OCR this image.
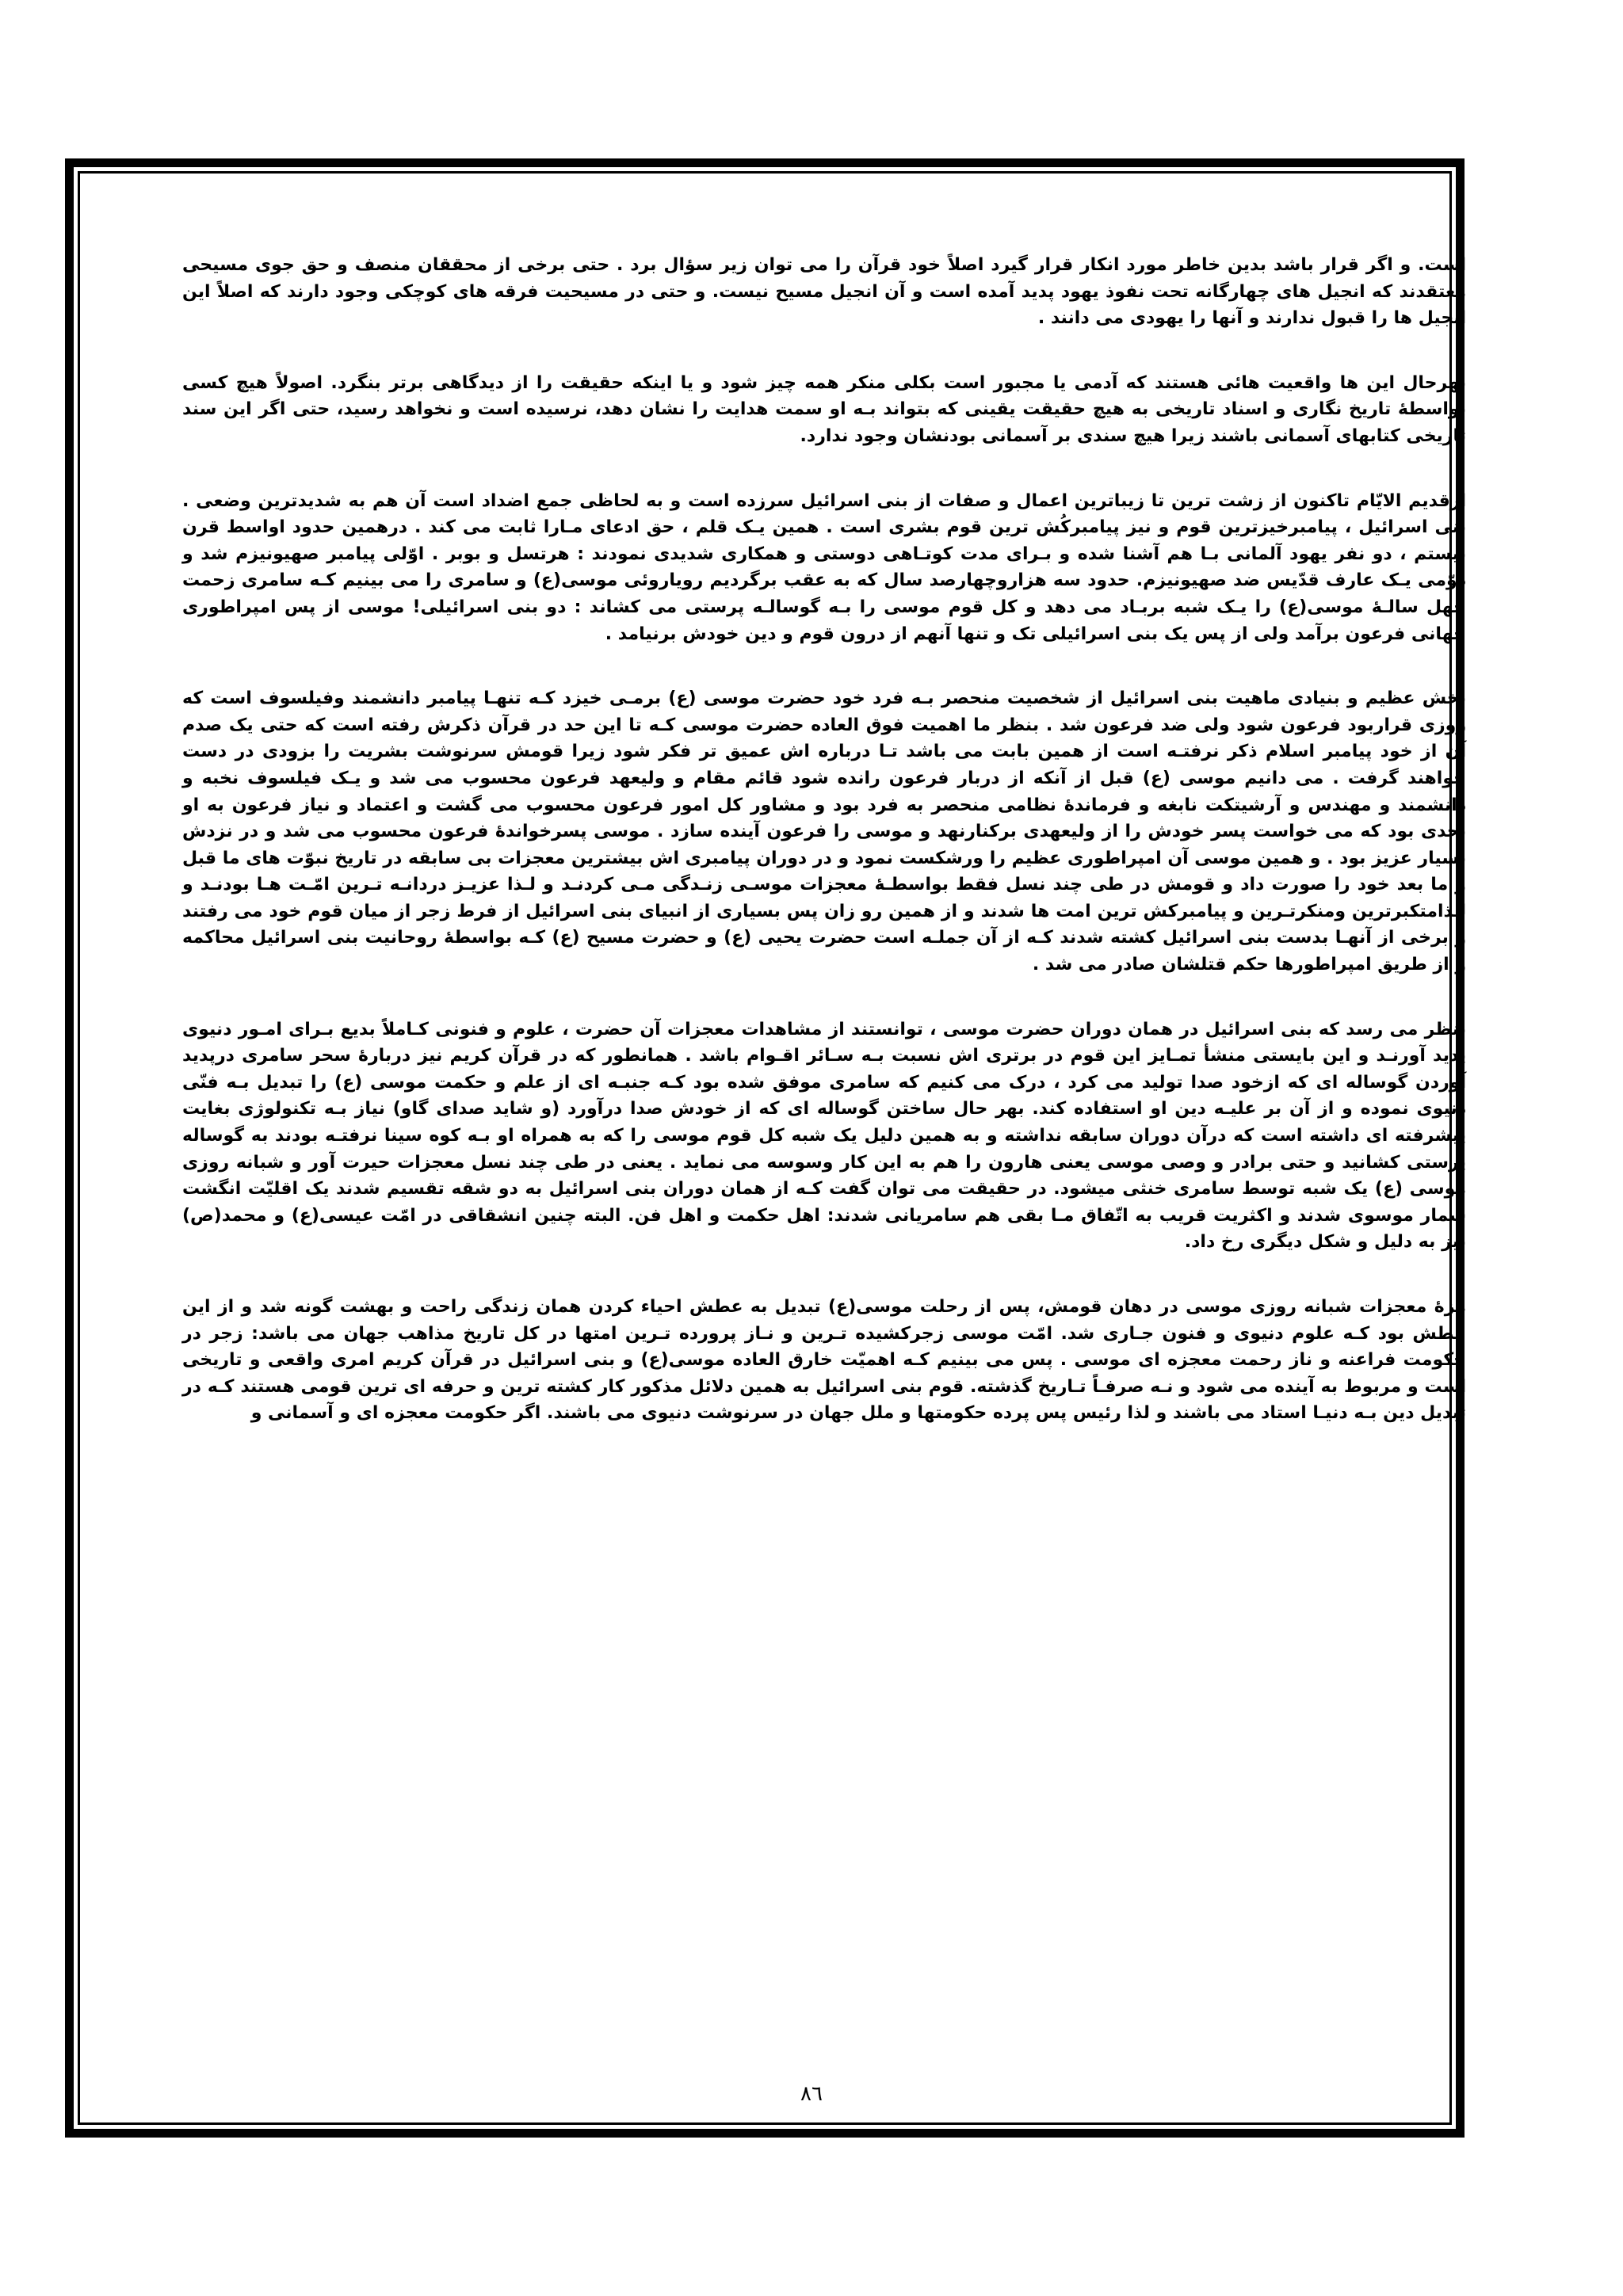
است. و اگر قرار باشد بدین خاطر مورد انکار قرار گیرد اصلاً خود قرآن را می توان زیر سؤال برد . حتی برخی از محققان منصف و حق جوی مسیحی معتقدند که انجیل های چهارگانه تحت نفوذ یهود پدید آمده است و آن انجیل مسیح نیست. و حتی در مسیحیت فرقه های کوچکی وجود دارند که اصلاً این انجیل ها را قبول ندارند و آنها را یهودی می دانند .

بهرحال این ها واقعیت هائی هستند که آدمی یا مجبور است بکلی منکر همه چیز شود و یا اینکه حقیقت را از دیدگاهی برتر بنگرد. اصولاً هیچ کسی بواسطۀ تاریخ نگاری و اسناد تاریخی به هیچ حقیقت یقینی که بتواند بـه او سمت هدایت را نشان دهد، نرسیده است و نخواهد رسید، حتی اگر این سند تاریخی کتابهای آسمانی باشند زیرا هیچ سندی بر آسمانی بودنشان وجود ندارد.

ازقدیم الایّام تاکنون از زشت ترین تا زیباترین اعمال و صفات از بنی اسرائیل سرزده است و به لحاظی جمع اضداد است آن هم به شدیدترین وضعی . بنی اسرائیل ، پیامبرخیزترین قوم و نیز پیامبرکُش ترین قوم بشری است . همین یـک قلم ، حق ادعای مـارا ثابت می کند . درهمین حدود اواسط قرن بیستم ، دو نفر یهود آلمانی بـا هم آشنا شده و بـرای مدت کوتـاهی دوستی و همکاری شدیدی نمودند : هرتسل و بوبر . اوّلی پیامبر صهیونیزم شد و دوّمی یـک عارف قدّیس ضد صهیونیزم. حدود سه هزاروچهارصد سال که به عقب برگردیم رویاروئی موسی(ع) و سامری را می بینیم کـه سامری زحمت چهل سالـۀ موسی(ع) را یـک شبه بربـاد می دهد و کل قوم موسی را بـه گوسالـه پرستی می کشاند : دو بنی اسرائیلی! موسی از پس امپراطوری جهانی فرعون برآمد ولی از پس یک بنی اسرائیلی تک و تنها آنهم از درون قوم و دین خودش برنیامد .

بخش عظیم و بنیادی ماهیت بنی اسرائیل از شخصیت منحصر بـه فرد خود حضرت موسی (ع) برمـی خیزد کـه تنهـا پیامبر دانشمند وفیلسوف است که روزی قراربود فرعون شود ولی ضد فرعون شد . بنظر ما اهمیت فوق العاده حضرت موسی کـه تا این حد در قرآن ذکرش رفته است که حتی یک صدم آن از خود پیامبر اسلام ذکر نرفتـه است از همین بابت می باشد تـا درباره اش عمیق تر فکر شود زیرا قومش سرنوشت بشریت را بزودی در دست خواهند گرفت . می دانیم موسی (ع) قبل از آنکه از دربار فرعون رانده شود قائم مقام و ولیعهد فرعون محسوب می شد و یـک فیلسوف نخبه و دانشمند و مهندس و آرشیتکت نابغه و فرماندۀ نظامی منحصر به فرد بود و مشاور کل امور فرعون محسوب می گشت و اعتماد و نیاز فرعون به او بحدی بود که می خواست پسر خودش را از ولیعهدی برکنارنهد و موسی را فرعون آینده سازد . موسی پسرخواندۀ فرعون محسوب می شد و در نزدش بسیار عزیز بود . و همین موسی آن امپراطوری عظیم را ورشکست نمود و در دوران پیامبری اش بیشترین معجزات بی سابقه در تاریخ نبوّت های ما قبل و ما بعد خود را صورت داد و قومش در طی چند نسل فقط بواسطـۀ معجزات موسـی زنـدگی مـی کردنـد و لـذا عزیـز دردانـه تـرین امّـت هـا بودنـد و لـذامتکبرترین ومنکرتـرین و پیامبرکش ترین امت ها شدند و از همین رو زان پس بسیاری از انبیای بنی اسرائیل از فرط زجر از میان قوم خود می رفتند و برخی از آنهـا بدست بنی اسرائیل کشته شدند کـه از آن جملـه است حضرت یحیی (ع) و حضرت مسیح (ع) کـه بواسطۀ روحانیت بنی اسرائیل محاکمه و از طریق امپراطورها حکم قتلشان صادر می شد .

بنظر می رسد که بنی اسرائیل در همان دوران حضرت موسی ، توانستند از مشاهدات معجزات آن حضرت ، علوم و فنونی کـاملاً بدیع بـرای امـور دنیوی پدید آورنـد و این بایستی منشأ تمـایز این قوم در برتری اش نسبت بـه سـائر اقـوام باشد . همانطور که در قرآن کریم نیز دربارۀ سحر سامری درپدید آوردن گوساله ای که ازخود صدا تولید می کرد ، درک می کنیم که سامری موفق شده بود کـه جنبـه ای از علم و حکمت موسی (ع) را تبدیل بـه فنّی دنیوی نموده و از آن بر علیـه دین او استفاده کند. بهر حال ساختن گوساله ای که از خودش صدا درآورد (و شاید صدای گاو) نیاز بـه تکنولوژی بغایت پیشرفته ای داشته است که درآن دوران سابقه نداشته و به همین دلیل یک شبه کل قوم موسی را که به همراه او بـه کوه سینا نرفتـه بودند به گوساله پرستی کشانید و حتی برادر و وصی موسی یعنی هارون را هم به این کار وسوسه می نماید . یعنی در طی چند نسل معجزات حیرت آور و شبانه روزی موسی (ع) یک شبه توسط سامری خنثی میشود. در حقیقت می توان گفت کـه از همان دوران بنی اسرائیل به دو شقه تقسیم شدند یک اقلیّت انگشت شمار موسوی شدند و اکثریت قریب به اتّفاق مـا بقی هم سامریانی شدند: اهل حکمت و اهل فن. البته چنین انشقاقی در امّت عیسی(ع) و محمد(ص) نیز به دلیل و شکل دیگری رخ داد.

مزۀ معجزات شبانه روزی موسی در دهان قومش، پس از رحلت موسی(ع) تبدیل به عطش احیاء کردن همان زندگی راحت و بهشت گونه شد و از این عطش بود کـه علوم دنیوی و فنون جـاری شد. امّت موسی زجرکشیده تـرین و نـاز پرورده تـرین امتها در کل تاریخ مذاهب جهان می باشد: زجر در حکومت فراعنه و ناز رحمت معجزه ای موسی . پس می بینیم کـه اهمیّت خارق العاده موسی(ع) و بنی اسرائیل در قرآن کریم امری واقعی و تاریخی است و مربوط به آینده می شود و نـه صرفـاً تـاریخ گذشته. قوم بنی اسرائیل به همین دلائل مذکور کار کشته ترین و حرفه ای ترین قومی هستند کـه در تبدیل دین بـه دنیـا استاد می باشند و لذا رئیس پس پرده حکومتها و ملل جهان در سرنوشت دنیوی می باشند. اگر حکومت معجزه ای و آسمانی و

٨٦
